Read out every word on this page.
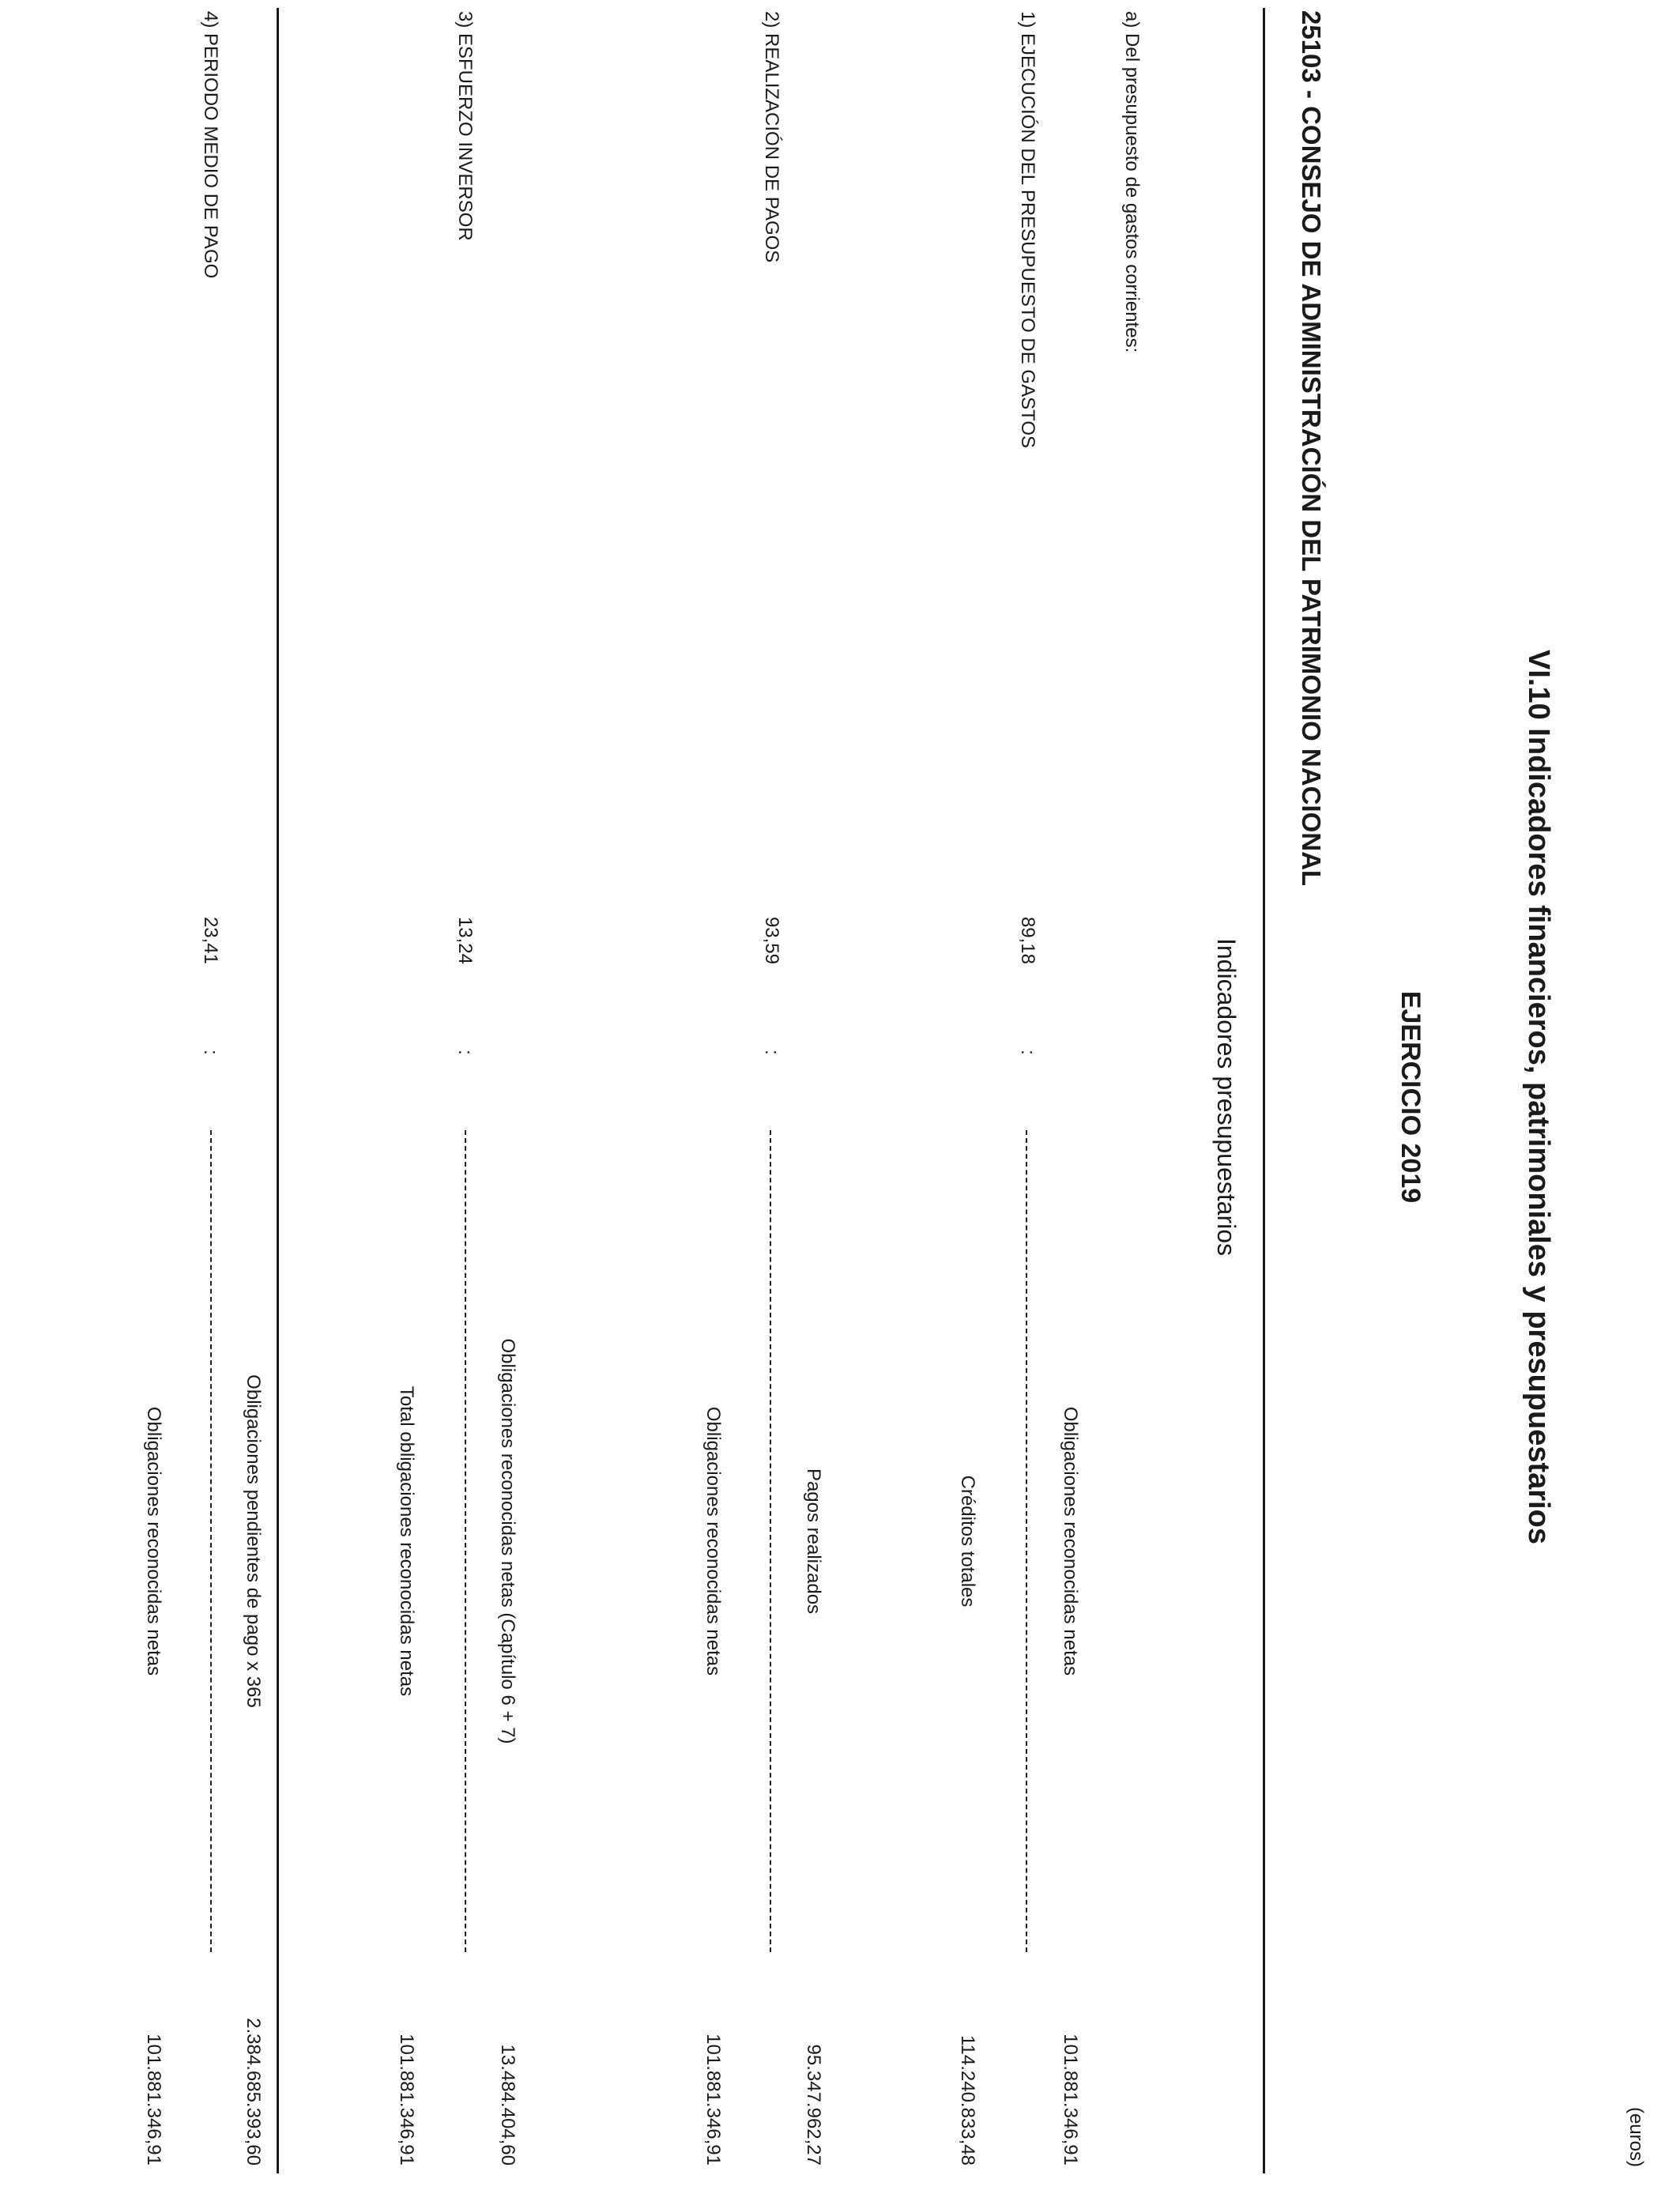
VI.10 Indicadores financieros, patrimoniales y presupuestarios
EJERCICIO 2019
25103 - CONSEJO DE ADMINISTRACIÓN DEL PATRIMONIO NACIONAL
(euros)
Indicadores presupuestarios
a) Del presupuesto de gastos corrientes:
1) EJECUCIÓN DEL PRESUPUESTO DE GASTOS
89,18
:
Obligaciones reconocidas netas
Créditos totales
101.881.346,91
114.240.833,48
2) REALIZACIÓN DE PAGOS
93,59
:
Pagos realizados
Obligaciones reconocidas netas
95.347.962,27
101.881.346,91
3) ESFUERZO INVERSOR
13,24
:
Obligaciones reconocidas netas (Capítulo 6 + 7)
Total obligaciones reconocidas netas
13.484.404,60
101.881.346,91
4) PERIODO MEDIO DE PAGO
23,41
:
Obligaciones pendientes de pago x 365
Obligaciones reconocidas netas
2.384.685.393,60
101.881.346,91
